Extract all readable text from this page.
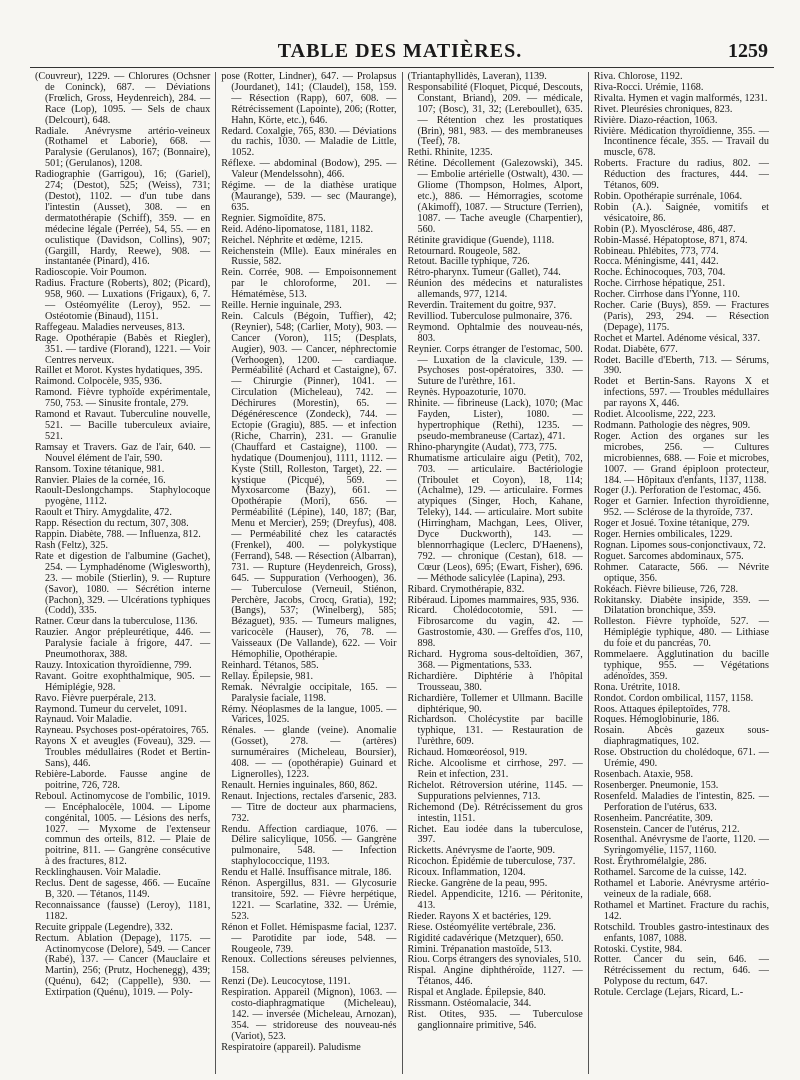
TABLE DES MATIÈRES.	1259

(Couvreur), 1229. — Chlorures (Ochsner de Coninck), 687. — Déviations (Frœlich, Gross, Heydenreich), 284. — Race (Lop), 1095. — Sels de chaux (Delcourt), 648.

Radiale. Anévrysme artério-veineux (Rothamel et Laborie), 668. — Paralysie (Gerulanos), 167; (Bonnaire), 501; (Gerulanos), 1208.

Radiographie (Garrigou), 16; (Gariel), 274; (Destot), 525; (Weiss), 731; (Destot), 1102. — d'un tube dans l'intestin (Ausset), 308. — en dermatothérapie (Schiff), 359. — en médecine légale (Perrée), 54, 55. — en oculistique (Davidson, Collins), 907; (Gargill, Hardy, Reewe), 908. — instantanée (Pinard), 416.

Radioscopie. Voir Poumon.

Radius. Fracture (Roberts), 802; (Picard), 958, 960. — Luxations (Frigaux), 6, 7. — Ostéomyélite (Leroy), 952. — Ostéotomie (Binaud), 1151.

Raffegeau. Maladies nerveuses, 813.

Rage. Opothérapie (Babès et Riegler), 351. — tardive (Florand), 1221. — Voir Centres nerveux.

Raillet et Morot. Kystes hydatiques, 395.

Raimond. Colpocèle, 935, 936.

Ramond. Fièvre typhoïde expérimentale, 750, 753. — Sinusite frontale, 279.

Ramond et Ravaut. Tuberculine nouvelle, 521. — Bacille tuberculeux aviaire, 521.

Ramsay et Travers. Gaz de l'air, 640. — Nouvel élément de l'air, 590.

Ransom. Toxine tétanique, 981.

Ranvier. Plaies de la cornée, 16.

Raoult-Deslongchamps. Staphylocoque pyogène, 1112.

Raoult et Thiry. Amygdalite, 472.

Rapp. Résection du rectum, 307, 308.

Rappin. Diabète, 788. — Influenza, 812.

Rash (Feltz), 325.

Rate et digestion de l'albumine (Gachet), 254. — Lymphadénome (Wiglesworth), 23. — mobile (Stierlin), 9. — Rupture (Savor), 1080. — Sécrétion interne (Pachon), 329. — Ulcérations typhiques (Codd), 335.

Ratner. Cœur dans la tuberculose, 1136.

Rauzier. Angor prépleurétique, 446. — Paralysie faciale à frigore, 447. — Pneumothorax, 388.

Rauzy. Intoxication thyroïdienne, 799.

Ravant. Goitre exophthalmique, 905. — Hémiplégie, 928.

Ravo. Fièvre puerpérale, 213.

Raymond. Tumeur du cervelet, 1091.

Raynaud. Voir Maladie.

Rayneau. Psychoses post-opératoires, 765.

Rayons X et aveugles (Foveau), 329. — Troubles médullaires (Rodet et Bertin-Sans), 446.

Rebière-Laborde. Fausse angine de poitrine, 726, 728.

Reboul. Actinomycose de l'ombilic, 1019. — Encéphalocèle, 1004. — Lipome congénital, 1005. — Lésions des nerfs, 1027. — Myxome de l'extenseur commun des orteils, 812. — Plaie de poitrine, 811. — Gangrène consécutive à des fractures, 812.

Recklinghausen. Voir Maladie.

Reclus. Dent de sagesse, 466. — Eucaïne B, 320. — Tétanos, 1149.

Reconnaissance (fausse) (Leroy), 1181, 1182.

Recuite grippale (Legendre), 332.

Rectum. Ablation (Depage), 1175. — Actinomycose (Delore), 549. — Cancer (Rabé), 137. — Cancer (Mauclaire et Martin), 256; (Prutz, Hochenegg), 439; (Quénu), 642; (Cappelle), 930. — Extirpation (Quénu), 1019. — Poly-

pose (Rotter, Lindner), 647. — Prolapsus (Jourdanet), 141; (Claudel), 158, 159. — Résection (Rapp), 607, 608. — Rétrécissement (Lapointe), 206; (Rotter, Hahn, Körte, etc.), 646.

Redard. Coxalgie, 765, 830. — Déviations du rachis, 1030. — Maladie de Little, 1052.

Réflexe. — abdominal (Bodow), 295. — Valeur (Mendelssohn), 466.

Régime. — de la diathèse uratique (Maurange), 539. — sec (Maurange), 635.

Regnier. Sigmoïdite, 875.

Reid. Adéno-lipomatose, 1181, 1182.

Reichel. Néphrite et œdème, 1215.

Reichenstein (Mlle). Eaux minérales en Russie, 582.

Rein. Corrée, 908. — Empoisonnement par le chloroforme, 201. — Hématémèse, 513.

Reille. Hernie inguinale, 293.

Rein. Calculs (Bégoin, Tuffier), 42; (Reynier), 548; (Carlier, Moty), 903. — Cancer (Voron), 115; (Desplats, Augier), 903. — Cancer, néphrectomie (Verhoogen), 1200. — cardiaque. Perméabilité (Achard et Castaigne), 67. — Chirurgie (Pinner), 1041. — Circulation (Micheleau), 742. — Déchirures (Morestin), 65. — Dégénérescence (Zondeck), 744. — Ectopie (Gragiu), 885. — et infection (Riche, Charrin), 231. — Granulie (Chauffard et Castaigne), 1100. — hydatique (Doumenjou), 1111, 1112. — Kyste (Still, Rolleston, Target), 22. — kystique (Picqué), 569. — Myxosarcome (Bazy), 661. — Opothérapie (Mori), 656. — Perméabilité (Lépine), 140, 187; (Bar, Menu et Mercier), 259; (Dreyfus), 408. — Perméabilité chez les cataractés (Frenkel), 400. — polykystique (Ferrand), 548. — Résection (Albarran), 731. — Rupture (Heydenreich, Gross), 645. — Suppuration (Verhoogen), 36. — Tuberculose (Verneuil, Stiénon, Perchère, Jacobs, Crocq, Gratia), 192; (Bangs), 537; (Winelberg), 585; Bézaguet), 935. — Tumeurs malignes, varicocèle (Hauser), 76, 78. — Vaisseaux (De Vallande), 622. — Voir Hémophilie, Opothérapie.

Reinhard. Tétanos, 585.

Rellay. Épilepsie, 981.

Remak. Névralgie occipitale, 165. — Paralysie faciale, 1198.

Rémy. Néoplasmes de la langue, 1005. — Varices, 1025.

Rénales. — glande (veine). Anomalie (Gosset), 278. — (artères) surnuméraires (Micheleau, Boursier), 408. — — (opothérapie) Guinard et Lignerolles), 1223.

Renault. Hernies inguinales, 860, 862.

Renaut. Injections, rectales d'arsenic, 283. — Titre de docteur aux pharmaciens, 732.

Rendu. Affection cardiaque, 1076. — Délire salicylique, 1056. — Gangrène pulmonaire, 548. — Infection staphylococcique, 1193.

Rendu et Hallé. Insuffisance mitrale, 186.

Rénon. Aspergillus, 831. — Glycosurie transitoire, 592. — Fièvre herpétique, 1221. — Scarlatine, 332. — Urémie, 523.

Rénon et Follet. Hémispasme facial, 1237. — Parotidite par iode, 548. — Rougeole, 739.

Renoux. Collections séreuses pelviennes, 158.

Renzi (De). Leucocytose, 1191.

Respiration. Appareil (Mignon), 1063. — costo-diaphragmatique (Micheleau), 142. — inversée (Micheleau, Arnozan), 354. — stridoreuse des nouveau-nés (Variot), 523.

Respiratoire (appareil). Paludisme

(Triantaphyllidès, Laveran), 1139.

Responsabilité (Floquet, Picqué, Descouts, Constant, Briand), 209. — médicale, 107; (Bosc), 31, 32; (Lereboullet), 635. — Rétention chez les prostatiques (Brin), 981, 983. — des membraneuses (Teef), 78.

Rethi. Rhinite, 1235.

Rétine. Décollement (Galezowski), 345. — Embolie artérielle (Ostwalt), 430. — Gliome (Thompson, Holmes, Alport, etc.), 886. — Hémorragies, scotome (Akimoff), 1087. — Structure (Terrien), 1087. — Tache aveugle (Charpentier), 560.

Rétinite gravidique (Guende), 1118.

Retournard. Rougeole, 582.

Retout. Bacille typhique, 726.

Rétro-pharynx. Tumeur (Gallet), 744.

Réunion des médecins et naturalistes allemands, 977, 1214.

Reverdin. Traitement du goitre, 937.

Revilliod. Tuberculose pulmonaire, 376.

Reymond. Ophtalmie des nouveau-nés, 803.

Reynier. Corps étranger de l'estomac, 500. — Luxation de la clavicule, 139. — Psychoses post-opératoires, 330. — Suture de l'urèthre, 161.

Reynès. Hypoazoturie, 1070.

Rhinite. — fibrineuse (Lack), 1070; (Mac Fayden, Lister), 1080. — hypertrophique (Rethi), 1235. — pseudo-membraneuse (Cartaz), 471.

Rhino-pharyngite (Audat), 773, 775.

Rhumatisme articulaire aigu (Petit), 702, 703. — articulaire. Bactériologie (Triboulet et Coyon), 18, 114; (Achalme), 129. — articulaire. Formes atypiques (Singer, Hoch, Kahane, Teleky), 144. — articulaire. Mort subite (Hirringham, Machgan, Lees, Oliver, Dyce Duckworth), 143. — blennorrhagique (Leclerc, D'Haenens), 792. — chronique (Cestan), 618. — Cœur (Leos), 695; (Ewart, Fisher), 696. — Méthode salicylée (Lapina), 293.

Ribard. Crymothérapie, 832.

Ribéraud. Lipomes mammaires, 935, 936.

Ricard. Cholédocotomie, 591. — Fibrosarcome du vagin, 42. — Gastrostomie, 430. — Greffes d'os, 110, 898.

Richard. Hygroma sous-deltoïdien, 367, 368. — Pigmentations, 533.

Richardière. Diphtérie à l'hôpital Trousseau, 380.

Richardière, Tollemer et Ullmann. Bacille diphtérique, 90.

Richardson. Cholécystite par bacille typhique, 131. — Restauration de l'urèthre, 609.

Richaud. Homœoréosol, 919.

Riche. Alcoolisme et cirrhose, 297. — Rein et infection, 231.

Richelot. Rétroversion utérine, 1145. — Suppurations pelviennes, 713.

Richemond (De). Rétrécissement du gros intestin, 1151.

Richet. Eau iodée dans la tuberculose, 397.

Ricketts. Anévrysme de l'aorte, 909.

Ricochon. Épidémie de tuberculose, 737.

Ricoux. Inflammation, 1204.

Riecke. Gangrène de la peau, 995.

Riedel. Appendicite, 1216. — Péritonite, 413.

Rieder. Rayons X et bactéries, 129.

Riese. Ostéomyélite vertébrale, 236.

Rigidité cadavérique (Metzquer), 650.

Rimini. Trépanation mastoïde, 513.

Riou. Corps étrangers des synoviales, 510.

Rispal. Angine diphthéroïde, 1127. — Tétanos, 446.

Rispal et Anglade. Épilepsie, 840.

Rissmann. Ostéomalacie, 344.

Rist. Otites, 935. — Tuberculose ganglionnaire primitive, 546.

Riva. Chlorose, 1192.

Riva-Rocci. Urémie, 1168.

Rivalta. Hymen et vagin malformés, 1231.

Rivet. Pleurésies chroniques, 823.

Rivière. Diazo-réaction, 1063.

Rivière. Médication thyroïdienne, 355. — Incontinence fécale, 355. — Travail du muscle, 678.

Roberts. Fracture du radius, 802. — Réduction des fractures, 444. — Tétanos, 609.

Robin. Opothérapie surrénale, 1064.

Robin (A.). Saignée, vomitifs et vésicatoire, 86.

Robin (P.). Myosclérose, 486, 487.

Robin-Massé. Hépatoptose, 871, 874.

Robineau. Phlébites, 773, 774.

Rocca. Méningisme, 441, 442.

Roche. Échinocoques, 703, 704.

Roche. Cirrhose hépatique, 251.

Rocher. Cirrhose dans l'Yonne, 110.

Rocher. Carie (Buys), 859. — Fractures (Paris), 293, 294. — Résection (Depage), 1175.

Rochet et Martel. Adénome vésical, 337.

Rodat. Diabète, 677.

Rodet. Bacille d'Eberth, 713. — Sérums, 390.

Rodet et Bertin-Sans. Rayons X et infections, 597. — Troubles médullaires par rayons X, 446.

Rodiet. Alcoolisme, 222, 223.

Rodmann. Pathologie des nègres, 909.

Roger. Action des organes sur les microbes, 256. — Cultures microbiennes, 688. — Foie et microbes, 1007. — Grand épiploon protecteur, 184. — Hôpitaux d'enfants, 1137, 1138.

Roger (J.). Perforation de l'estomac, 456.

Roger et Garnier. Infection thyroïdienne, 952. — Sclérose de la thyroïde, 737.

Roger et Josué. Toxine tétanique, 279.

Roger. Hernies ombilicales, 1229.

Rognan. Lipomes sous-conjonctivaux, 72.

Roguet. Sarcomes abdominaux, 575.

Rohmer. Cataracte, 566. — Névrite optique, 356.

Rokéach. Fièvre bilieuse, 726, 728.

Rokitansky. Diabète insipide, 359. — Dilatation bronchique, 359.

Rolleston. Fièvre typhoïde, 527. — Hémiplégie typhique, 480. — Lithiase du foie et du pancréas, 70.

Rommelaere. Agglutination du bacille typhique, 955. — Végétations adénoïdes, 359.

Rona. Urétrite, 1018.

Rondot. Cordon ombilical, 1157, 1158.

Roos. Attaques épileptoïdes, 778.

Roques. Hémoglobinurie, 186.

Rosain. Abcès gazeux sous-diaphragmatiques, 102.

Rose. Obstruction du cholédoque, 671. — Urémie, 490.

Rosenbach. Ataxie, 958.

Rosenberger. Pneumonie, 153.

Rosenfeld. Maladies de l'intestin, 825. — Perforation de l'utérus, 633.

Rosenheim. Pancréatite, 309.

Rosenstein. Cancer de l'utérus, 212.

Rosenthal. Anévrysme de l'aorte, 1120. — Syringomyélie, 1157, 1160.

Rost. Érythromélalgie, 286.

Rothamel. Sarcome de la cuisse, 142.

Rothamel et Laborie. Anévrysme artério-veineux de la radiale, 668.

Rothamel et Martinet. Fracture du rachis, 142.

Rotschild. Troubles gastro-intestinaux des enfants, 1087, 1088.

Rotoski. Cystite, 984.

Rotter. Cancer du sein, 646. — Rétrécissement du rectum, 646. — Polypose du rectum, 647.

Rotule. Cerclage (Lejars, Ricard, L.-
